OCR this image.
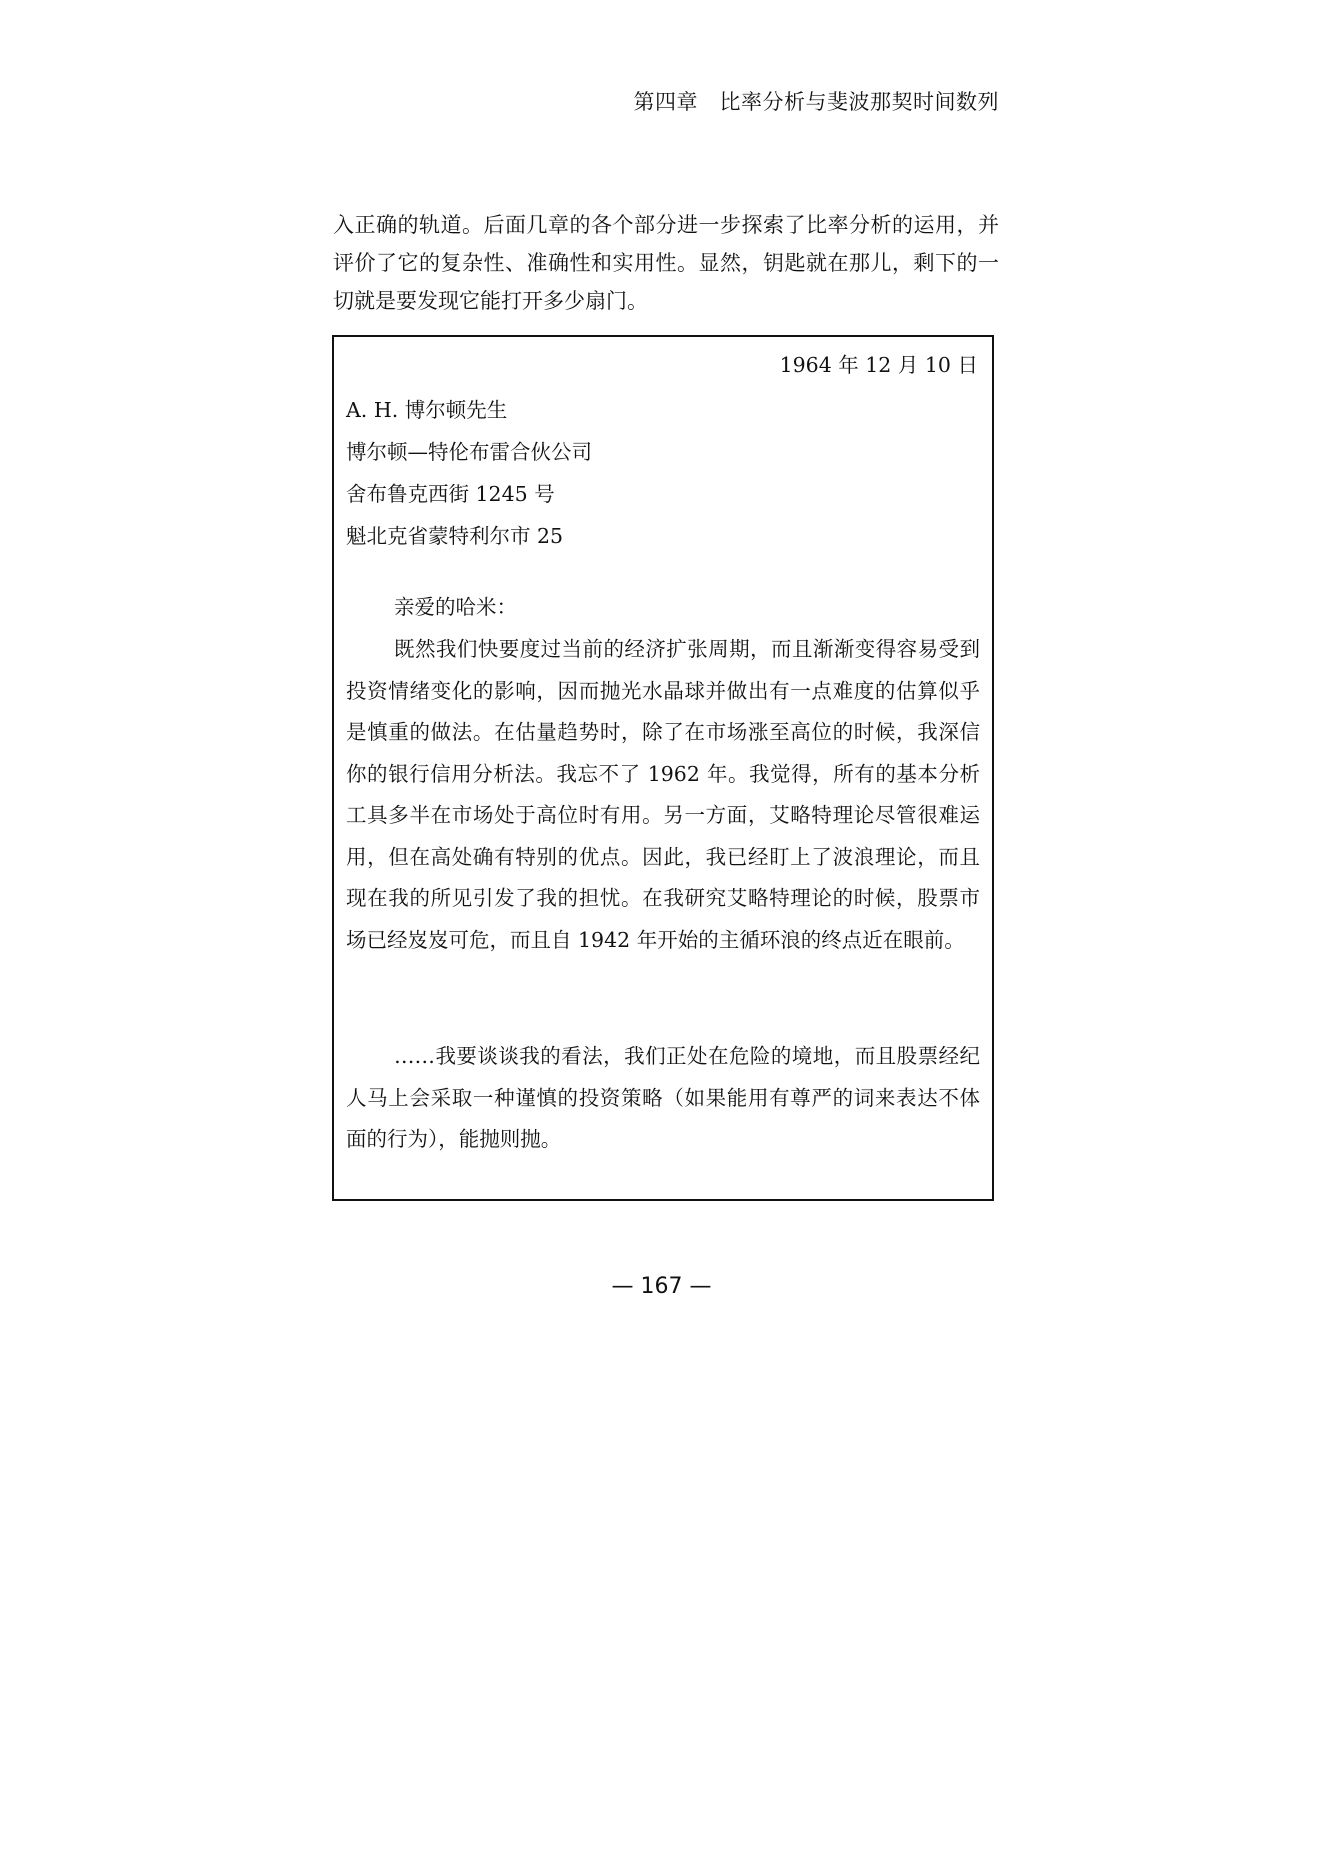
第四章　比率分析与斐波那契时间数列

入正确的轨道。后面几章的各个部分进一步探索了比率分析的运用，并评价了它的复杂性、准确性和实用性。显然，钥匙就在那儿，剩下的一切就是要发现它能打开多少扇门。

1964 年 12 月 10 日
A. H. 博尔顿先生
博尔顿—特伦布雷合伙公司
舍布鲁克西街 1245 号
魁北克省蒙特利尔市 25
亲爱的哈米：

既然我们快要度过当前的经济扩张周期，而且渐渐变得容易受到投资情绪变化的影响，因而抛光水晶球并做出有一点难度的估算似乎是慎重的做法。在估量趋势时，除了在市场涨至高位的时候，我深信你的银行信用分析法。我忘不了 1962 年。我觉得，所有的基本分析工具多半在市场处于高位时有用。另一方面，艾略特理论尽管很难运用，但在高处确有特别的优点。因此，我已经盯上了波浪理论，而且现在我的所见引发了我的担忧。在我研究艾略特理论的时候，股票市场已经岌岌可危，而且自 1942 年开始的主循环浪的终点近在眼前。

……我要谈谈我的看法，我们正处在危险的境地，而且股票经纪人马上会采取一种谨慎的投资策略（如果能用有尊严的词来表达不体面的行为），能抛则抛。

— 167 —
